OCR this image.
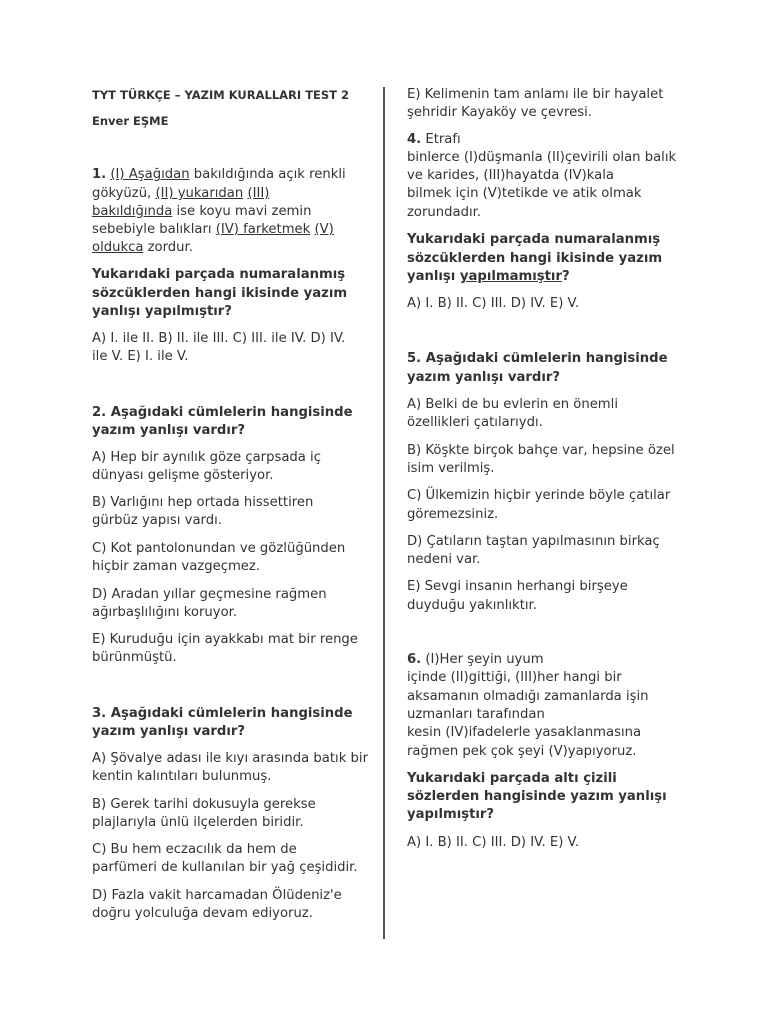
TYT TÜRKÇE – YAZIM KURALLARI TEST 2
Enver EŞME
1. (I) Aşağıdan bakıldığında açık renkli
gökyüzü, (II) yukarıdan (III)
bakıldığında ise koyu mavi zemin
sebebiyle balıkları (IV) farketmek (V)
oldukca zordur.
Yukarıdaki parçada numaralanmış
sözcüklerden hangi ikisinde yazım
yanlışı yapılmıştır?
A) I. ile II. B) II. ile III. C) III. ile IV. D) IV.
ile V. E) I. ile V.
2. Aşağıdaki cümlelerin hangisinde
yazım yanlışı vardır?
A) Hep bir aynılık göze çarpsada iç
dünyası gelişme gösteriyor.
B) Varlığını hep ortada hissettiren
gürbüz yapısı vardı.
C) Kot pantolonundan ve gözlüğünden
hiçbir zaman vazgeçmez.
D) Aradan yıllar geçmesine rağmen
ağırbaşlılığını koruyor.
E) Kuruduğu için ayakkabı mat bir renge
bürünmüştü.
3. Aşağıdaki cümlelerin hangisinde
yazım yanlışı vardır?
A) Şövalye adası ile kıyı arasında batık bir
kentin kalıntıları bulunmuş.
B) Gerek tarihi dokusuyla gerekse
plajlarıyla ünlü ilçelerden biridir.
C) Bu hem eczacılık da hem de
parfümeri de kullanılan bir yağ çeşididir.
D) Fazla vakit harcamadan Ölüdeniz'e
doğru yolculuğa devam ediyoruz.
E) Kelimenin tam anlamı ile bir hayalet
şehridir Kayaköy ve çevresi.
4. Etrafı
binlerce (I)düşmanla (II)çevirili olan balık
ve karides, (III)hayatda (IV)kala
bilmek için (V)tetikde ve atik olmak
zorundadır.
Yukarıdaki parçada numaralanmış
sözcüklerden hangi ikisinde yazım
yanlışı yapılmamıştır?
A) I. B) II. C) III. D) IV. E) V.
5. Aşağıdaki cümlelerin hangisinde
yazım yanlışı vardır?
A) Belki de bu evlerin en önemli
özellikleri çatılarıydı.
B) Köşkte birçok bahçe var, hepsine özel
isim verilmiş.
C) Ülkemizin hiçbir yerinde böyle çatılar
göremezsiniz.
D) Çatıların taştan yapılmasının birkaç
nedeni var.
E) Sevgi insanın herhangi birşeye
duyduğu yakınlıktır.
6. (I)Her şeyin uyum
içinde (II)gittiği, (III)her hangi bir
aksamanın olmadığı zamanlarda işin
uzmanları tarafından
kesin (IV)ifadelerle yasaklanmasına
rağmen pek çok şeyi (V)yapıyoruz.
Yukarıdaki parçada altı çizili
sözlerden hangisinde yazım yanlışı
yapılmıştır?
A) I. B) II. C) III. D) IV. E) V.
